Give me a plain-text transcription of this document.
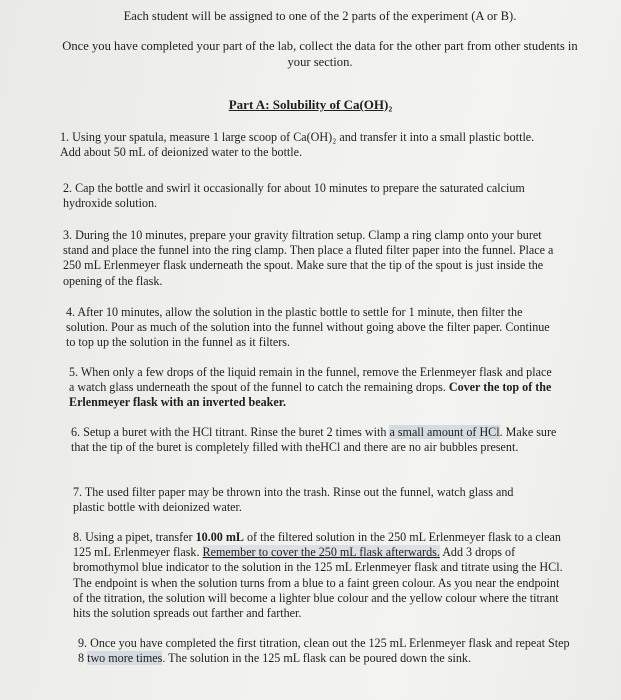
Each student will be assigned to one of the 2 parts of the experiment (A or B).
Once you have completed your part of the lab, collect the data for the other part from other students in your section.
Part A: Solubility of Ca(OH)₂
1. Using your spatula, measure 1 large scoop of Ca(OH)₂ and transfer it into a small plastic bottle. Add about 50 mL of deionized water to the bottle.
2. Cap the bottle and swirl it occasionally for about 10 minutes to prepare the saturated calcium hydroxide solution.
3. During the 10 minutes, prepare your gravity filtration setup. Clamp a ring clamp onto your buret stand and place the funnel into the ring clamp. Then place a fluted filter paper into the funnel. Place a 250 mL Erlenmeyer flask underneath the spout. Make sure that the tip of the spout is just inside the opening of the flask.
4. After 10 minutes, allow the solution in the plastic bottle to settle for 1 minute, then filter the solution. Pour as much of the solution into the funnel without going above the filter paper. Continue to top up the solution in the funnel as it filters.
5. When only a few drops of the liquid remain in the funnel, remove the Erlenmeyer flask and place a watch glass underneath the spout of the funnel to catch the remaining drops. Cover the top of the Erlenmeyer flask with an inverted beaker.
6. Setup a buret with the HCl titrant. Rinse the buret 2 times with a small amount of HCl. Make sure that the tip of the buret is completely filled with theHCl and there are no air bubbles present.
7. The used filter paper may be thrown into the trash. Rinse out the funnel, watch glass and plastic bottle with deionized water.
8. Using a pipet, transfer 10.00 mL of the filtered solution in the 250 mL Erlenmeyer flask to a clean 125 mL Erlenmeyer flask. Remember to cover the 250 mL flask afterwards. Add 3 drops of bromothymol blue indicator to the solution in the 125 mL Erlenmeyer flask and titrate using the HCl. The endpoint is when the solution turns from a blue to a faint green colour. As you near the endpoint of the titration, the solution will become a lighter blue colour and the yellow colour where the titrant hits the solution spreads out farther and farther.
9. Once you have completed the first titration, clean out the 125 mL Erlenmeyer flask and repeat Step 8 two more times. The solution in the 125 mL flask can be poured down the sink.
